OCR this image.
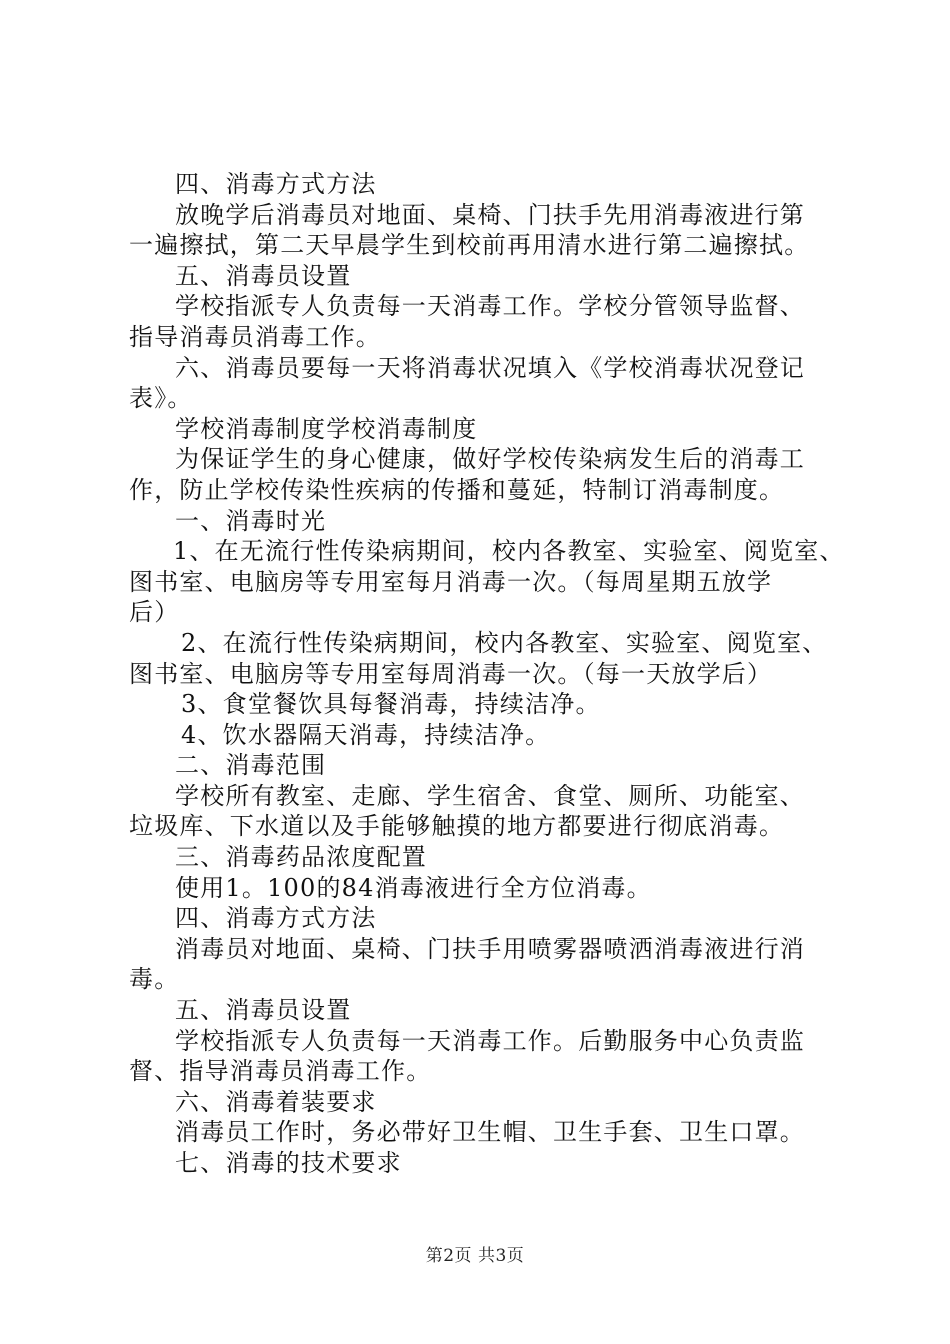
四、消毒方式方法

放晚学后消毒员对地面、桌椅、门扶手先用消毒液进行第

一遍擦拭，第二天早晨学生到校前再用清水进行第二遍擦拭。

五、消毒员设置

学校指派专人负责每一天消毒工作。学校分管领导监督、

指导消毒员消毒工作。

六、消毒员要每一天将消毒状况填入《学校消毒状况登记

表》。

学校消毒制度学校消毒制度

为保证学生的身心健康，做好学校传染病发生后的消毒工

作，防止学校传染性疾病的传播和蔓延，特制订消毒制度。

一、消毒时光

1、在无流行性传染病期间，校内各教室、实验室、阅览室、

图书室、电脑房等专用室每月消毒一次。（每周星期五放学

后）

2、在流行性传染病期间，校内各教室、实验室、阅览室、

图书室、电脑房等专用室每周消毒一次。（每一天放学后）

3、食堂餐饮具每餐消毒，持续洁净。

4、饮水器隔天消毒，持续洁净。

二、消毒范围

学校所有教室、走廊、学生宿舍、食堂、厕所、功能室、

垃圾库、下水道以及手能够触摸的地方都要进行彻底消毒。

三、消毒药品浓度配置

使用1。100的84消毒液进行全方位消毒。

四、消毒方式方法

消毒员对地面、桌椅、门扶手用喷雾器喷洒消毒液进行消

毒。

五、消毒员设置

学校指派专人负责每一天消毒工作。后勤服务中心负责监

督、指导消毒员消毒工作。

六、消毒着装要求

消毒员工作时，务必带好卫生帽、卫生手套、卫生口罩。

七、消毒的技术要求

第2页 共3页
